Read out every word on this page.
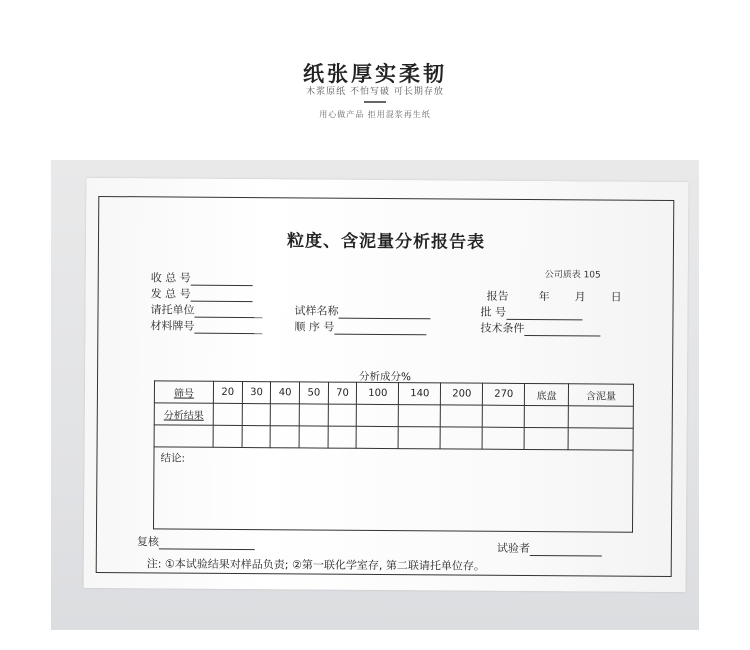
纸张厚实柔韧
木浆原纸 不怕写破 可长期存放
用心做产品 拒用混浆再生纸
粒度、含泥量分析报告表
公司质表 105
收 总 号
发 总 号
请托单位
材料牌号
试样名称
顺 序 号
报告	年 月 日
批 号
技术条件
分析成分%
筛号	20	30	40	50	70	100	140	200	270	底盘	含泥量
分析结果											

结论:
复核	试验者
注: ①本试验结果对样品负责; ②第一联化学室存, 第二联请托单位存。
